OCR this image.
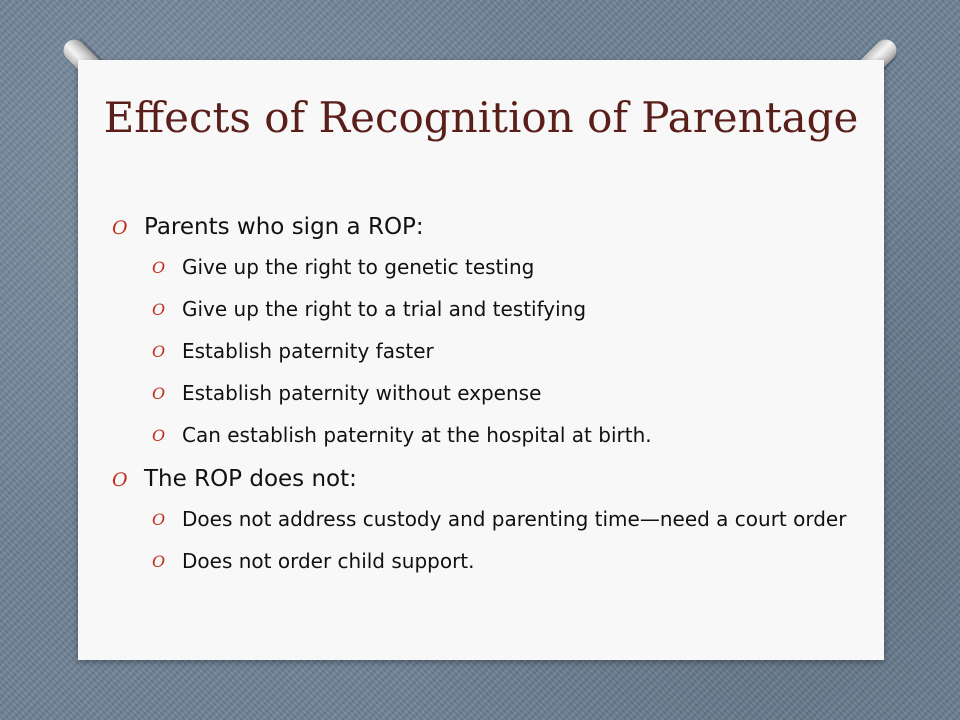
Effects of Recognition of Parentage
O Parents who sign a ROP:
O Give up the right to genetic testing
O Give up the right to a trial and testifying
O Establish paternity faster
O Establish paternity without expense
O Can establish paternity at the hospital at birth.
O The ROP does not:
O Does not address custody and parenting time—need a court order
O Does not order child support.
